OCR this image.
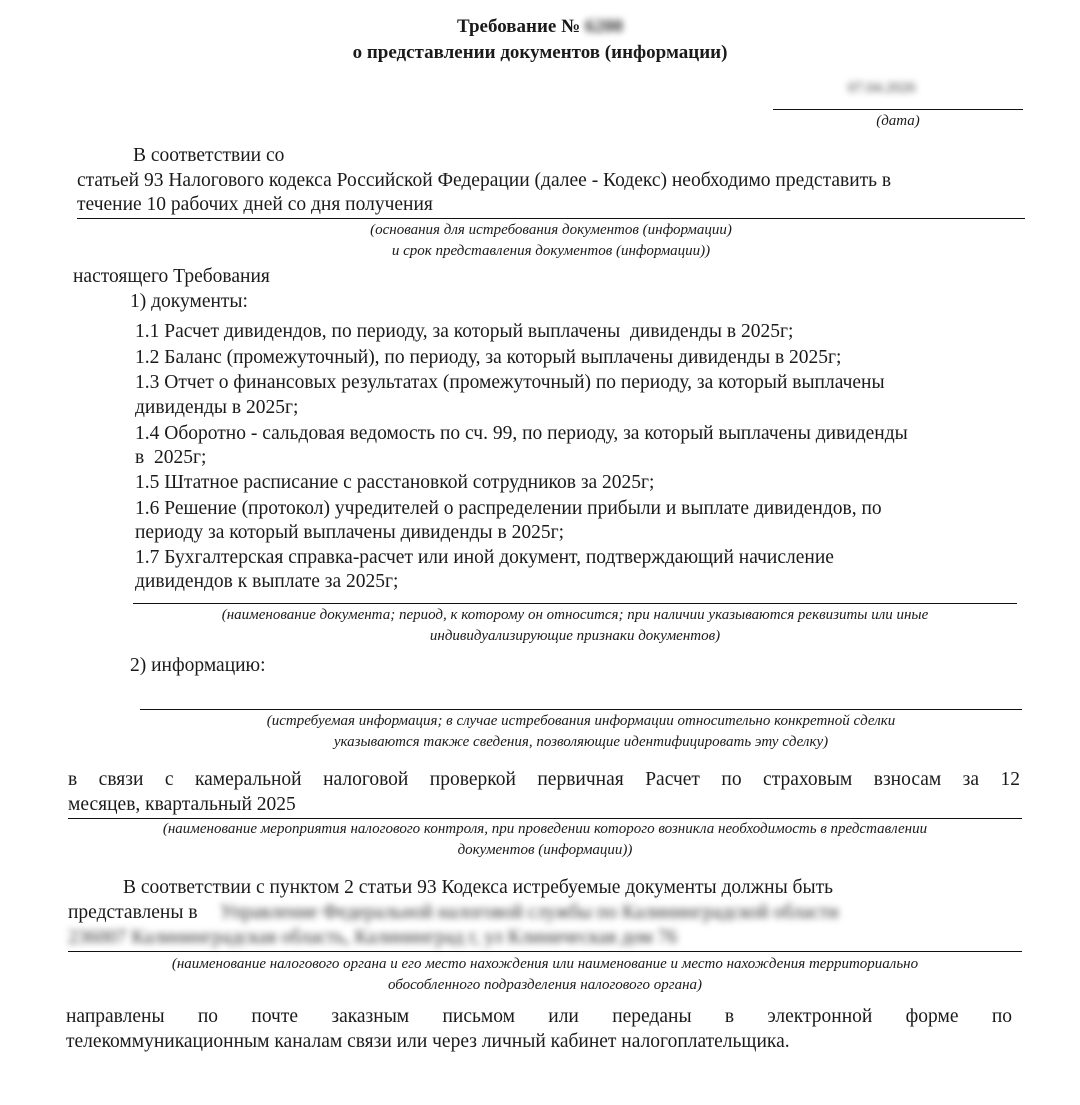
Требование № 6200
о представлении документов (информации)
07.04.2026
(дата)
В соответствии со
статьей 93 Налогового кодекса Российской Федерации (далее - Кодекс) необходимо представить в
течение 10 рабочих дней со дня получения
(основания для истребования документов (информации)
и срок представления документов (информации))
настоящего Требования
1) документы:
1.1 Расчет дивидендов, по периоду, за который выплачены  дивиденды в 2025г;
1.2 Баланс (промежуточный), по периоду, за который выплачены дивиденды в 2025г;
1.3 Отчет о финансовых результатах (промежуточный) по периоду, за который выплачены
дивиденды в 2025г;
1.4 Оборотно - сальдовая ведомость по сч. 99, по периоду, за который выплачены дивиденды
в  2025г;
1.5 Штатное расписание с расстановкой сотрудников за 2025г;
1.6 Решение (протокол) учредителей о распределении прибыли и выплате дивидендов, по
периоду за который выплачены дивиденды в 2025г;
1.7 Бухгалтерская справка-расчет или иной документ, подтверждающий начисление
дивидендов к выплате за 2025г;
(наименование документа; период, к которому он относится; при наличии указываются реквизиты или иные
индивидуализирующие признаки документов)
2) информацию:
(истребуемая информация; в случае истребования информации относительно конкретной сделки
указываются также сведения, позволяющие идентифицировать эту сделку)
в связи с камеральной налоговой проверкой первичная Расчет по страховым взносам за 12
месяцев, квартальный 2025
(наименование мероприятия налогового контроля, при проведении которого возникла необходимость в представлении
документов (информации))
В соответствии с пунктом 2 статьи 93 Кодекса истребуемые документы должны быть
представлены в Управление Федеральной налоговой службы по Калининградской области
236007 Калининградская область, Калининград г, ул Клиническая дом 76
(наименование налогового органа и его место нахождения или наименование и место нахождения территориально
обособленного подразделения налогового органа)
направлены по почте заказным письмом или переданы в электронной форме по
телекоммуникационным каналам связи или через личный кабинет налогоплательщика.
